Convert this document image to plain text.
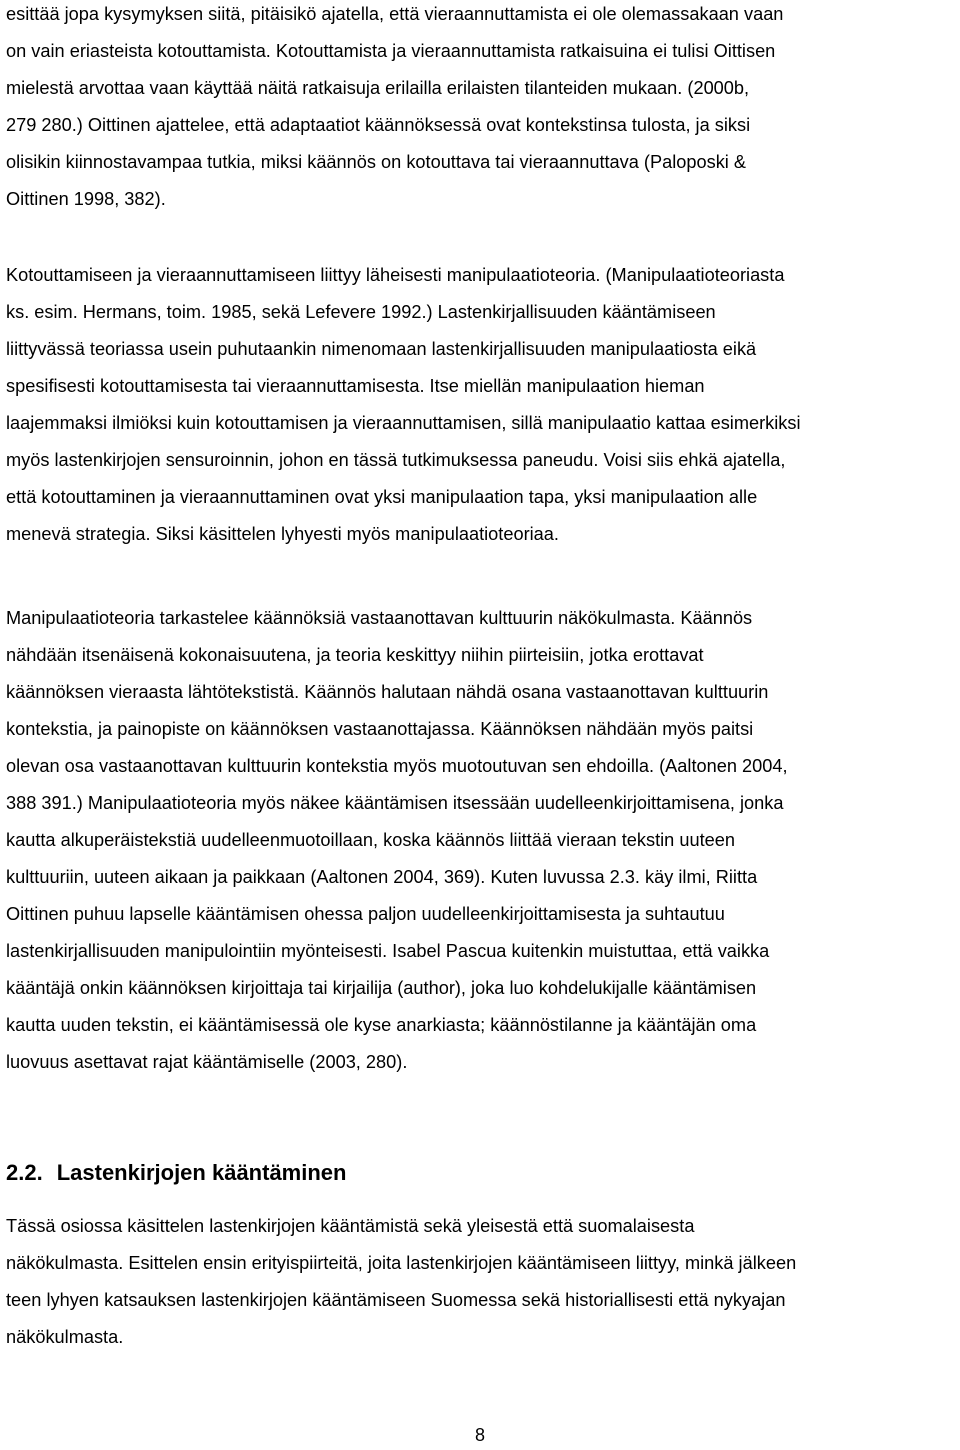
esittää jopa kysymyksen siitä, pitäisikö ajatella, että vieraannuttamista ei ole olemassakaan vaan
on vain eriasteista kotouttamista. Kotouttamista ja vieraannuttamista ratkaisuina ei tulisi Oittisen
mielestä arvottaa vaan käyttää näitä ratkaisuja erilailla erilaisten tilanteiden mukaan. (2000b,
279 280.) Oittinen ajattelee, että adaptaatiot käännöksessä ovat kontekstinsa tulosta, ja siksi
olisikin kiinnostavampaa tutkia, miksi käännös on kotouttava tai vieraannuttava (Paloposki &
Oittinen 1998, 382).
Kotouttamiseen ja vieraannuttamiseen liittyy läheisesti manipulaatioteoria. (Manipulaatioteoriasta
ks. esim. Hermans, toim. 1985, sekä Lefevere 1992.) Lastenkirjallisuuden kääntämiseen
liittyvässä teoriassa usein puhutaankin nimenomaan lastenkirjallisuuden manipulaatiosta eikä
spesifisesti kotouttamisesta tai vieraannuttamisesta. Itse miellän manipulaation hieman
laajemmaksi ilmiöksi kuin kotouttamisen ja vieraannuttamisen, sillä manipulaatio kattaa esimerkiksi
myös lastenkirjojen sensuroinnin, johon en tässä tutkimuksessa paneudu. Voisi siis ehkä ajatella,
että kotouttaminen ja vieraannuttaminen ovat yksi manipulaation tapa, yksi manipulaation alle
menevä strategia. Siksi käsittelen lyhyesti myös manipulaatioteoriaa.
Manipulaatioteoria tarkastelee käännöksiä vastaanottavan kulttuurin näkökulmasta. Käännös
nähdään itsenäisenä kokonaisuutena, ja teoria keskittyy niihin piirteisiin, jotka erottavat
käännöksen vieraasta lähtötekstistä. Käännös halutaan nähdä osana vastaanottavan kulttuurin
kontekstia, ja painopiste on käännöksen vastaanottajassa. Käännöksen nähdään myös paitsi
olevan osa vastaanottavan kulttuurin kontekstia myös muotoutuvan sen ehdoilla. (Aaltonen 2004,
388 391.) Manipulaatioteoria myös näkee kääntämisen itsessään uudelleenkirjoittamisena, jonka
kautta alkuperäistekstiä uudelleenmuotoillaan, koska käännös liittää vieraan tekstin uuteen
kulttuuriin, uuteen aikaan ja paikkaan (Aaltonen 2004, 369). Kuten luvussa 2.3. käy ilmi, Riitta
Oittinen puhuu lapselle kääntämisen ohessa paljon uudelleenkirjoittamisesta ja suhtautuu
lastenkirjallisuuden manipulointiin myönteisesti. Isabel Pascua kuitenkin muistuttaa, että vaikka
kääntäjä onkin käännöksen kirjoittaja tai kirjailija (author), joka luo kohdelukijalle kääntämisen
kautta uuden tekstin, ei kääntämisessä ole kyse anarkiasta; käännöstilanne ja kääntäjän oma
luovuus asettavat rajat kääntämiselle (2003, 280).
2.2. Lastenkirjojen kääntäminen
Tässä osiossa käsittelen lastenkirjojen kääntämistä sekä yleisestä että suomalaisesta
näkökulmasta. Esittelen ensin erityispiirteitä, joita lastenkirjojen kääntämiseen liittyy, minkä jälkeen
teen lyhyen katsauksen lastenkirjojen kääntämiseen Suomessa sekä historiallisesti että nykyajan
näkökulmasta.
8
